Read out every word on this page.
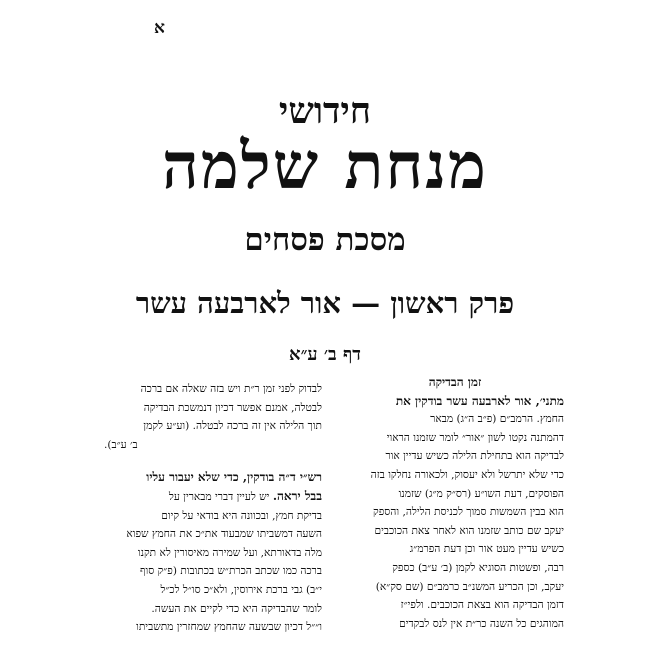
א
חידושי
מנחת שלמה
מסכת פסחים
פרק ראשון — אור לארבעה עשר
דף ב׳ ע״א

זמן הבדיקה

מתני׳, אור לארבעה עשר בודקין את

החמץ. הרמב״ם (פ״ב ה״ג) מבאר

דהמתנה נקטו לשון ״אור״ לומר שזמנו הראוי

לבדיקה הוא בתחילת הלילה כשיש עדיין אור

כדי שלא יתרשל ולא יעסוק, ולכאורה נחלקו בזה

הפוסקים, דעת השו״ע (רס״ק מ״ג) שזמנו

הוא בבין השמשות סמוך לכניסת הלילה, והספק

יעקב שם כותב שזמנו הוא לאחר צאת הכוכבים

כשיש עדיין מעט אור וכן דעת הפרמ״ג

רבה, ופשטות הסוגיא לקמן (ב׳ ע״ב) כספק

יעקב, וכן הכריע המשנ״ב כרמב״ם (שם סק״א)

דזמן הבדיקה הוא בצאת הכוכבים. ולפי״ז

המוהגים כל השנה כר״ת אין לנס לבקדים

לבדוק לפני זמן ר״ת ויש בזה שאלה אם ברכה

לבטלה, אמנם אפשר דכיון דנמשכת הבדיקה

תוך הלילה אין זה ברכה לבטלה. (וע״ע לקמן

ב׳ ע״ב).

רש״י ד״ה בודקין, כדי שלא יעבור עליו

בבל יראה. יש לעיין דברי מבארין על

בדיקת חמץ, ובכוונה היא בודאי על קיום

השעה דמשביתו שמבעוד את״כ את החמץ שפוא

מלה בדאורתא, ועל שמירה מאיסורין לא תקנו

ברכה כמו שכתב הכרת״ש בכתובות (פ״ק סוף

י״ב) גבי ברכת אירוסין, ולא״כ סו״ל לכ״ל

לומר שהבדיקה היא כדי לקיים את העשה.

ו״״ל דכיון שבשעה שהחמץ שמחזרין מתשביתו
